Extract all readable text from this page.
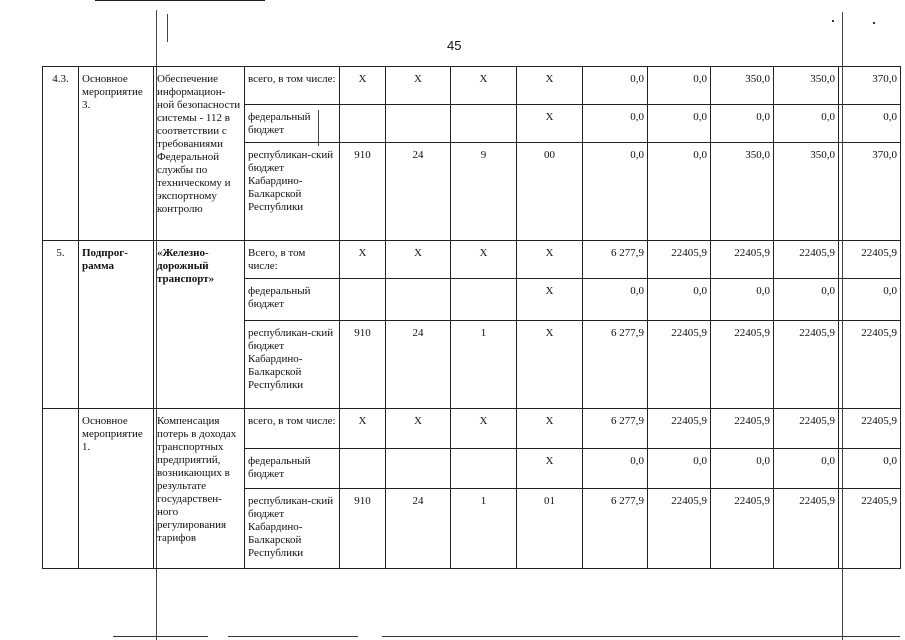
45
4.3.	Основное мероприятие 3.	Обеспечение информацион-ной безопасности системы - 112 в соответствии с требованиями Федеральной службы по техническому и экспортному контролю	всего, в том числе:	Х	Х	Х	Х	0,0	0,0	350,0	350,0	370,0
			федеральный бюджет				Х	0,0	0,0	0,0	0,0	0,0
			республикан-ский бюджет Кабардино-Балкарской Республики	910	24	9	00	0,0	0,0	350,0	350,0	370,0
5.	Подпрог-рамма	«Железно-дорожный транспорт»	Всего, в том числе:	Х	Х	Х	Х	6 277,9	22405,9	22405,9	22405,9	22405,9
			федеральный бюджет				Х	0,0	0,0	0,0	0,0	0,0
			республикан-ский бюджет Кабардино-Балкарской Республики	910	24	1	Х	6 277,9	22405,9	22405,9	22405,9	22405,9
	Основное мероприятие 1.	Компенсация потерь в доходах транспортных предприятий, возникающих в результате государствен-ного регулирования тарифов	всего, в том числе:	Х	Х	Х	Х	6 277,9	22405,9	22405,9	22405,9	22405,9
			федеральный бюджет				Х	0,0	0,0	0,0	0,0	0,0
			республикан-ский бюджет Кабардино-Балкарской Республики	910	24	1	01	6 277,9	22405,9	22405,9	22405,9	22405,9
